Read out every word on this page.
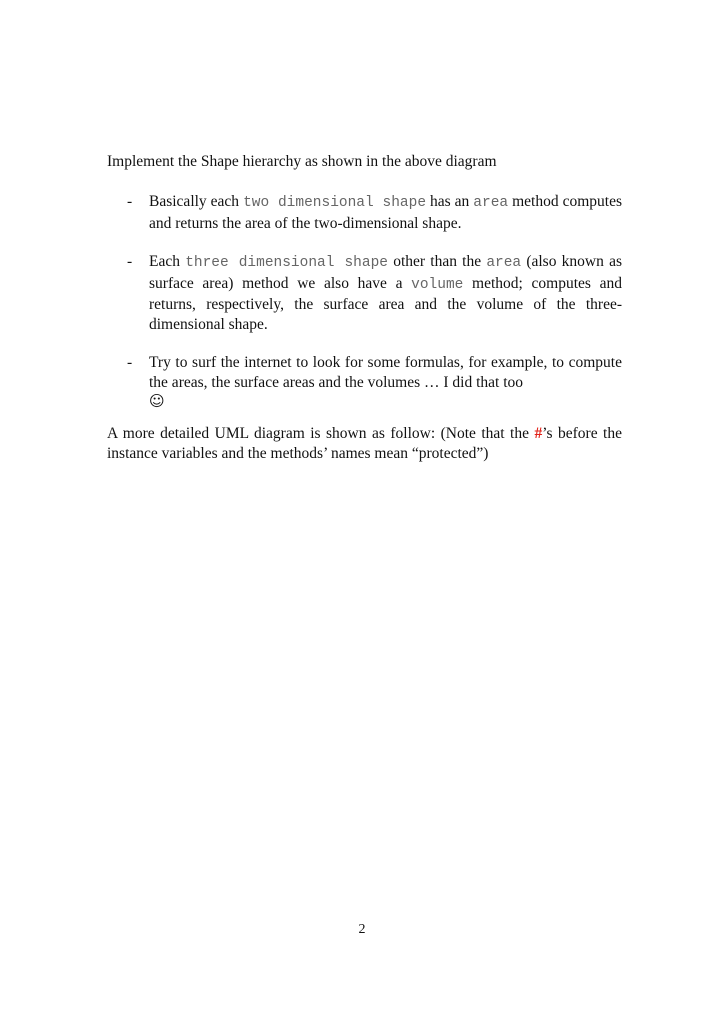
Implement the Shape hierarchy as shown in the above diagram

- Basically each two dimensional shape has an area method computes and returns the area of the two-dimensional shape.
- Each three dimensional shape other than the area (also known as surface area) method we also have a volume method; computes and returns, respectively, the surface area and the volume of the three-dimensional shape.
- Try to surf the internet to look for some formulas, for example, to compute the areas, the surface areas and the volumes … I did that too
☺

A more detailed UML diagram is shown as follow: (Note that the #’s before the instance variables and the methods’ names mean “protected”)

2
